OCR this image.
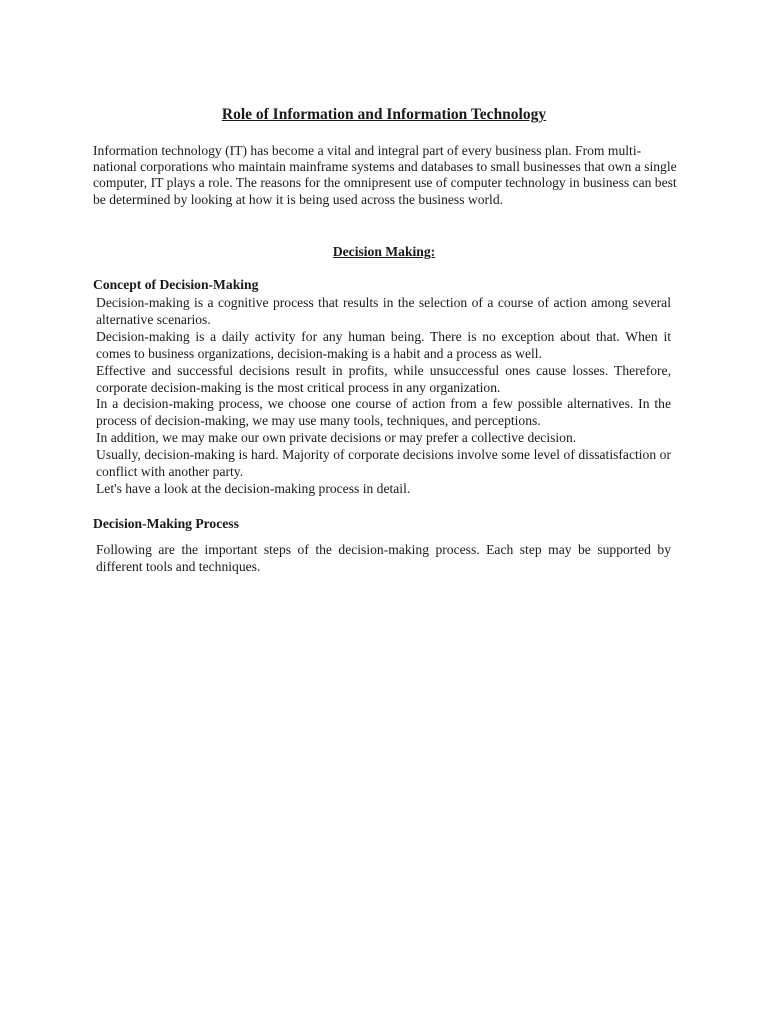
Role of Information and Information Technology

Information technology (IT) has become a vital and integral part of every business plan. From multi-national corporations who maintain mainframe systems and databases to small businesses that own a single computer, IT plays a role. The reasons for the omnipresent use of computer technology in business can best be determined by looking at how it is being used across the business world.

Decision Making:
Concept of Decision-Making

Decision-making is a cognitive process that results in the selection of a course of action among several alternative scenarios.

Decision-making is a daily activity for any human being. There is no exception about that. When it comes to business organizations, decision-making is a habit and a process as well.

Effective and successful decisions result in profits, while unsuccessful ones cause losses. Therefore, corporate decision-making is the most critical process in any organization.

In a decision-making process, we choose one course of action from a few possible alternatives. In the process of decision-making, we may use many tools, techniques, and perceptions.

In addition, we may make our own private decisions or may prefer a collective decision.

Usually, decision-making is hard. Majority of corporate decisions involve some level of dissatisfaction or conflict with another party.

Let's have a look at the decision-making process in detail.

Decision-Making Process

Following are the important steps of the decision-making process. Each step may be supported by different tools and techniques.
